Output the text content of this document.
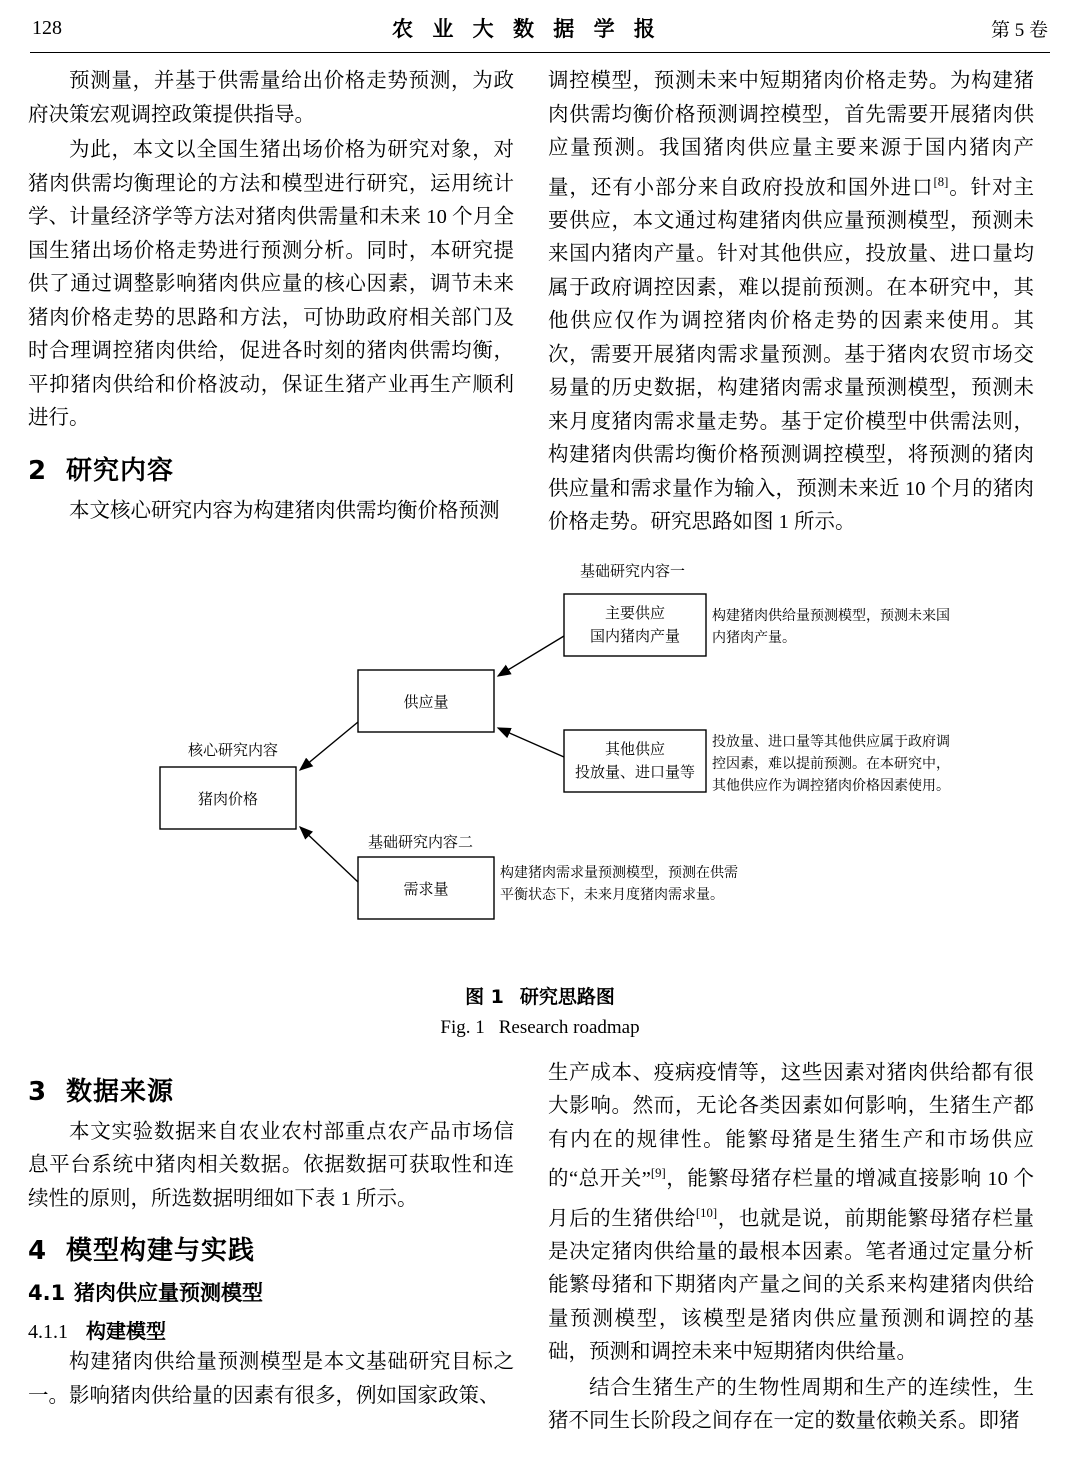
128	农 业 大 数 据 学 报	第 5 卷

预测量，并基于供需量给出价格走势预测，为政府决策宏观调控政策提供指导。

为此，本文以全国生猪出场价格为研究对象，对猪肉供需均衡理论的方法和模型进行研究，运用统计学、计量经济学等方法对猪肉供需量和未来 10 个月全国生猪出场价格走势进行预测分析。同时，本研究提供了通过调整影响猪肉供应量的核心因素，调节未来猪肉价格走势的思路和方法，可协助政府相关部门及时合理调控猪肉供给，促进各时刻的猪肉供需均衡，平抑猪肉供给和价格波动，保证生猪产业再生产顺利进行。

2 研究内容

本文核心研究内容为构建猪肉供需均衡价格预测

调控模型，预测未来中短期猪肉价格走势。为构建猪肉供需均衡价格预测调控模型，首先需要开展猪肉供应量预测。我国猪肉供应量主要来源于国内猪肉产量，还有小部分来自政府投放和国外进口[8]。针对主要供应，本文通过构建猪肉供应量预测模型，预测未来国内猪肉产量。针对其他供应，投放量、进口量均属于政府调控因素，难以提前预测。在本研究中，其他供应仅作为调控猪肉价格走势的因素来使用。其次，需要开展猪肉需求量预测。基于猪肉农贸市场交易量的历史数据，构建猪肉需求量预测模型，预测未来月度猪肉需求量走势。基于定价模型中供需法则，构建猪肉供需均衡价格预测调控模型，将预测的猪肉供应量和需求量作为输入，预测未来近 10 个月的猪肉价格走势。研究思路如图 1 所示。

基础研究内容一
核心研究内容
基础研究内容二
主要供应
国内猪肉产量
供应量
其他供应
投放量、进口量等
猪肉价格
需求量
构建猪肉供给量预测模型，预测未来国
内猪肉产量。
投放量、进口量等其他供应属于政府调
控因素，难以提前预测。在本研究中，
其他供应作为调控猪肉价格因素使用。
构建猪肉需求量预测模型，预测在供需
平衡状态下，未来月度猪肉需求量。
图 1 研究思路图
Fig. 1 Research roadmap
3 数据来源

本文实验数据来自农业农村部重点农产品市场信息平台系统中猪肉相关数据。依据数据可获取性和连续性的原则，所选数据明细如下表 1 所示。

4 模型构建与实践
4.1 猪肉供应量预测模型
4.1.1 构建模型

构建猪肉供给量预测模型是本文基础研究目标之一。影响猪肉供给量的因素有很多，例如国家政策、

生产成本、疫病疫情等，这些因素对猪肉供给都有很大影响。然而，无论各类因素如何影响，生猪生产都有内在的规律性。能繁母猪是生猪生产和市场供应的“总开关”[9]，能繁母猪存栏量的增减直接影响 10 个月后的生猪供给[10]，也就是说，前期能繁母猪存栏量是决定猪肉供给量的最根本因素。笔者通过定量分析能繁母猪和下期猪肉产量之间的关系来构建猪肉供给量预测模型，该模型是猪肉供应量预测和调控的基础，预测和调控未来中短期猪肉供给量。

结合生猪生产的生物性周期和生产的连续性，生猪不同生长阶段之间存在一定的数量依赖关系。即猪
